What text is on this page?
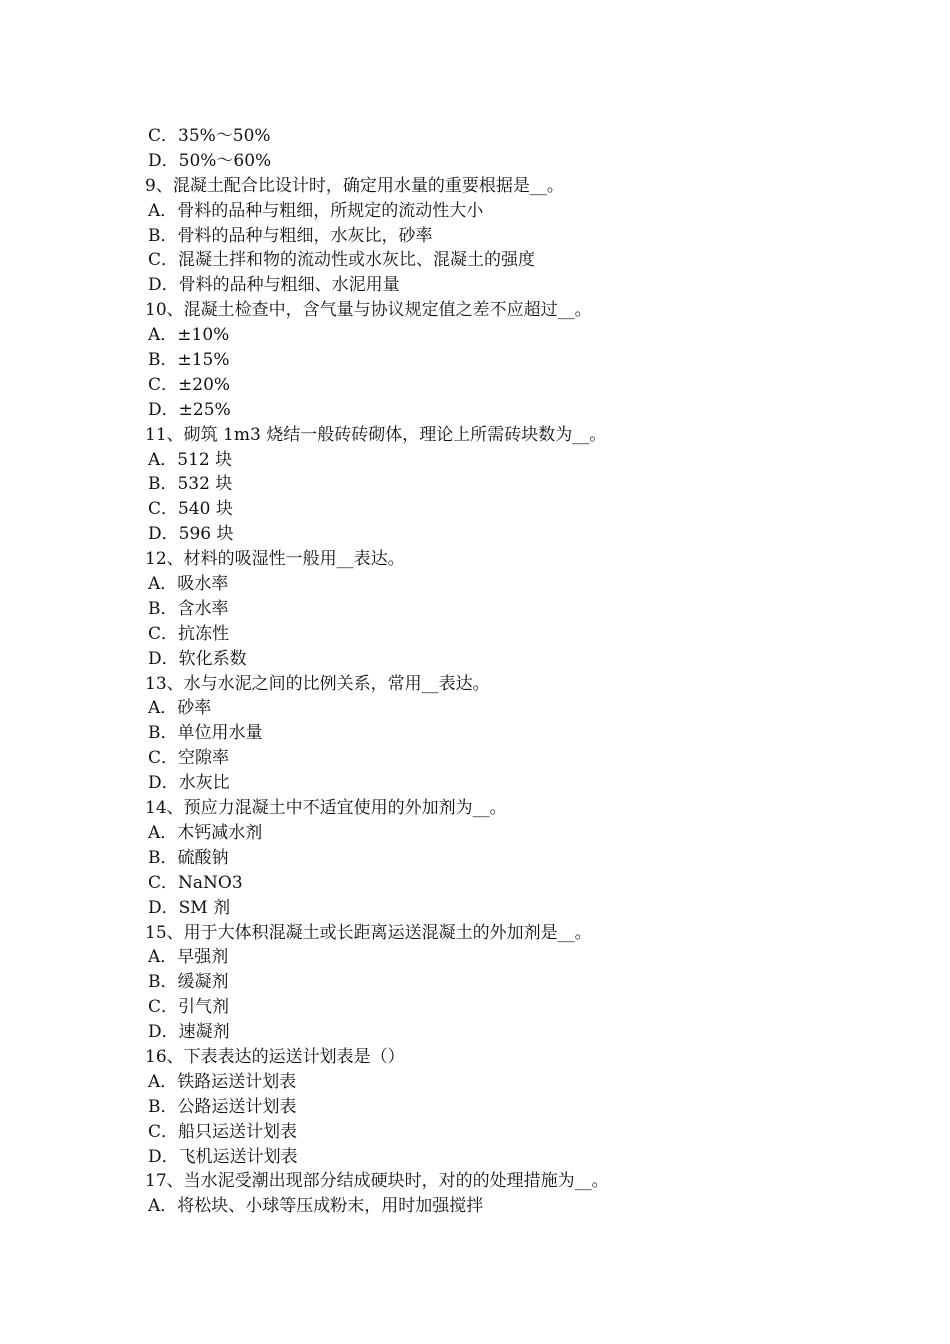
C．35%～50%
D．50%～60%
9、混凝土配合比设计时，确定用水量的重要根据是__。
A．骨料的品种与粗细，所规定的流动性大小
B．骨料的品种与粗细，水灰比，砂率
C．混凝土拌和物的流动性或水灰比、混凝土的强度
D．骨料的品种与粗细、水泥用量
10、混凝土检查中，含气量与协议规定值之差不应超过__。
A．±10%
B．±15%
C．±20%
D．±25%
11、砌筑 1m3 烧结一般砖砖砌体，理论上所需砖块数为__。
A．512 块
B．532 块
C．540 块
D．596 块
12、材料的吸湿性一般用__表达。
A．吸水率
B．含水率
C．抗冻性
D．软化系数
13、水与水泥之间的比例关系，常用__表达。
A．砂率
B．单位用水量
C．空隙率
D．水灰比
14、预应力混凝土中不适宜使用的外加剂为__。
A．木钙减水剂
B．硫酸钠
C．NaNO3
D．SM 剂
15、用于大体积混凝土或长距离运送混凝土的外加剂是__。
A．早强剂
B．缓凝剂
C．引气剂
D．速凝剂
16、下表表达的运送计划表是（）
A．铁路运送计划表
B．公路运送计划表
C．船只运送计划表
D．飞机运送计划表
17、当水泥受潮出现部分结成硬块时，对的的处理措施为__。
A．将松块、小球等压成粉末，用时加强搅拌
